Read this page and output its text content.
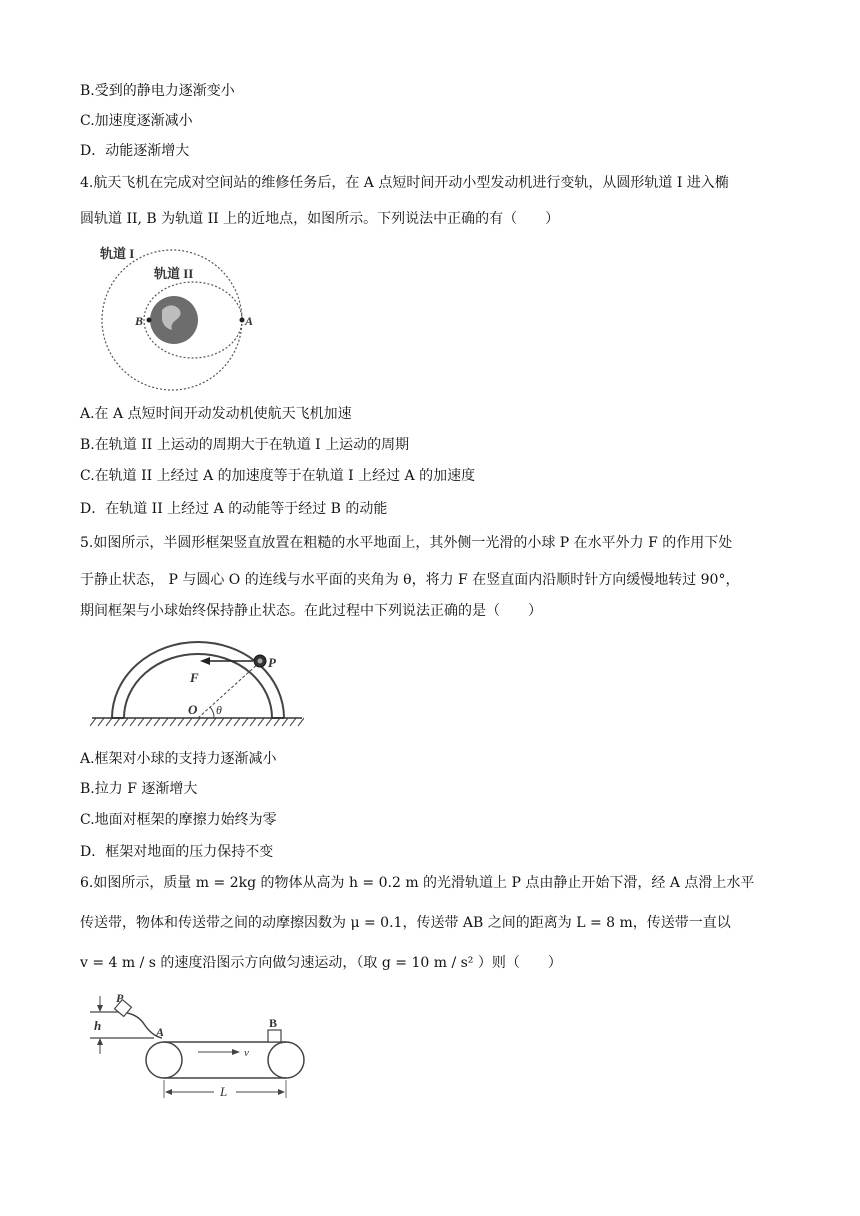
B.受到的静电力逐渐变小
C.加速度逐渐减小
D．动能逐渐增大
4.航天飞机在完成对空间站的维修任务后，在 A 点短时间开动小型发动机进行变轨，从圆形轨道 I 进入椭
圆轨道 II, B 为轨道 II 上的近地点，如图所示。下列说法中正确的有（　　）
轨道 I
轨道 II
B	A
A.在 A 点短时间开动发动机使航天飞机加速
B.在轨道 II 上运动的周期大于在轨道 I 上运动的周期
C.在轨道 II 上经过 A 的加速度等于在轨道 I 上经过 A 的加速度
D．在轨道 II 上经过 A 的动能等于经过 B 的动能
5.如图所示，半圆形框架竖直放置在粗糙的水平地面上，其外侧一光滑的小球 P 在水平外力 F 的作用下处
于静止状态， P 与圆心 O 的连线与水平面的夹角为 θ，将力 F 在竖直面内沿顺时针方向缓慢地转过 90°，
期间框架与小球始终保持静止状态。在此过程中下列说法正确的是（　　）
F
P
O θ
A.框架对小球的支持力逐渐减小
B.拉力 F 逐渐增大
C.地面对框架的摩擦力始终为零
D．框架对地面的压力保持不变
6.如图所示，质量 m = 2kg 的物体从高为 h = 0.2 m 的光滑轨道上 P 点由静止开始下滑，经 A 点滑上水平
传送带，物体和传送带之间的动摩擦因数为 μ = 0.1，传送带 AB 之间的距离为 L = 8 m，传送带一直以
v = 4 m / s 的速度沿图示方向做匀速运动，（取 g = 10 m / s² ）则（　　）
P
h	A
B
v
L
